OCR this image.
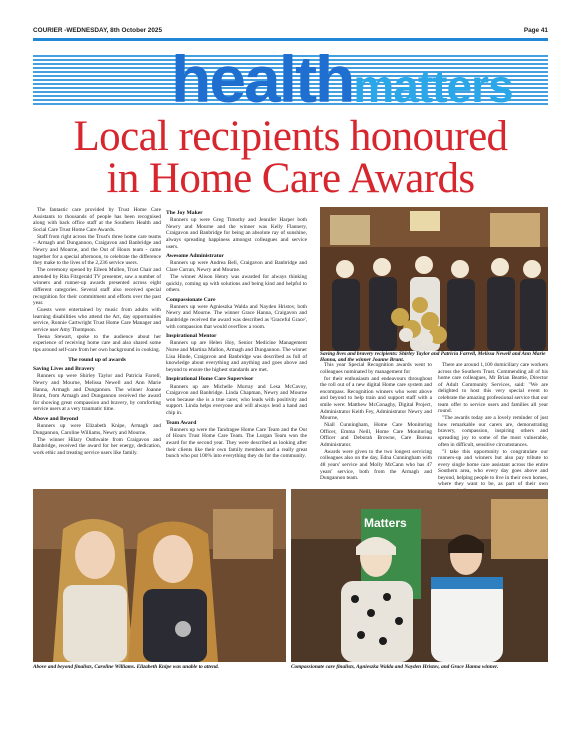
COURIER -WEDNESDAY, 8th October 2025	Page 41
healthmatters
Local recipients honoured
in Home Care Awards

The fantastic care provided by Trust Home Care Assistants to thousands of people has been recognised along with back office staff at the Southern Health and Social Care Trust Home Care Awards.

Staff from right across the Trust's three home care teams – Armagh and Dungannon, Craigavon and Banbridge and Newry and Mourne, and the Out of Hours team - came together for a special afternoon, to celebrate the difference they make to the lives of the 2,236 service users.

The ceremony opened by Eileen Mullen, Trust Chair and attended by Rita Fitzgerald TV presenter, saw a number of winners and runner-up awards presented across eight different categories. Several staff also received special recognition for their commitment and efforts over the past year.

Guests were entertained by music from adults with learning disabilities who attend the Art, day opportunities service, Ronnie Cartwright Trust Home Care Manager and service user Amy Thompson.

Teena Stewart, spoke to the audience about her experience of receiving home care and also shared some tips around self-care from her own background in cooking.

The round up of awards
Saving Lives and Bravery

Runners up were Shirley Taylor and Patricia Farrell, Newry and Mourne, Melissa Newell and Ann Marie Hanna, Armagh and Dungannon. The winner Joanne Brunt, from Armagh and Dungannon received the award for showing great compassion and bravery, by comforting service users at a very traumatic time.

Above and Beyond

Runners up were Elizabeth Knipe, Armagh and Dungannon, Caroline Williams, Newry and Mourne.

The winner Hilary Outhwaite from Craigavon and Banbridge, received the award for her energy, dedication, work ethic and treating service users like family.

The Joy Maker

Runners up were Greg Timothy and Jennifer Harper both Newry and Mourne and the winner was Kelly Flannery, Craigavon and Banbridge for being an absolute ray of sunshine, always spreading happiness amongst colleagues and service users.

Awesome Administrator

Runners up were Andrea Bell, Craigavon and Banbridge and Clare Curran, Newry and Mourne.

The winner Alison Henry was awarded for always thinking quickly, coming up with solutions and being kind and helpful to others.

Compassionate Care

Runners up were Agnieszka Walda and Nayden Hristov, both Newry and Mourne. The winner Grace Hanna, Craigavon and Banbridge received the award was described as 'Graceful Grace', with compassion that would overflow a room.

Inspirational Mentor

Runners up are Helen Hoy, Senior Medicine Management Nurse and Martina Mallon, Armagh and Dungannon. The winner Lisa Hinde, Craigavon and Banbridge was described as full of knowledge about everything and anything and goes above and beyond to ensure the highest standards are met.

Inspirational Home Care Supervisor

Runners up are Michelle Murray and Lesa McCavoy, Craigavon and Banbridge. Linda Chapman, Newry and Mourne won because she is a true carer, who leads with positivity and support. Linda helps everyone and will always lend a hand and chip in.

Team Award

Runners up were the Tandragee Home Care Team and the Out of Hours Trust Home Care Team. The Lurgan Team won the award for the second year. They were described as looking after their clients like their own family members and a really great bunch who put 100% into everything they do for the community.

Saving lives and bravery recipients: Shirley Taylor and Patricia Farrell, Melissa Newell and Ann Marie Hanna, and the winner Joanne Brunt.

This year Special Recognition awards went to colleagues nominated by management for

for their enthusiasm and endeavours throughout the roll out of a new digital Home care system and encompass. Recognition winners who went above and beyond to help train and support staff with a smile were: Matthew McConaghy, Digital Project, Administrator Keith Fey, Administrator Newry and Mourne,

Niall Cunningham, Home Care Monitoring Officer, Emma Neill, Home Care Monitoring Officer and Deborah Browne, Care Bureau Administrator.

Awards were given to the two longest servicing colleagues also on the day, Edna Cunningham with 48 years' service and Molly McCann who has 47 years' service, both from the Armagh and Dungannon team.

There are around 1,100 domiciliary care workers across the Southern Trust. Commending all of his home care colleagues, Mr Brian Beattie, Director of Adult Community Services, said: "We are delighted to host this very special event to celebrate the amazing professional service that our team offer to service users and families all year round.

"The awards today are a lovely reminder of just how remarkable our carers are, demonstrating bravery, compassion, inspiring others and spreading joy to some of the most vulnerable, often in difficult, sensitive circumstances.

"I take this opportunity to congratulate our runners-up and winners but also pay tribute to every single home care assistant across the entire Southern area, who every day goes above and beyond, helping people to live in their own homes, where they want to be, as part of their own

Matters
Above and beyond finalists, Caroline Williams. Elizabeth Knipe was unable to attend.	Compassionate care finalists, Agnieszka Walda and Nayden Hristov, and Grace Hanna winner.
